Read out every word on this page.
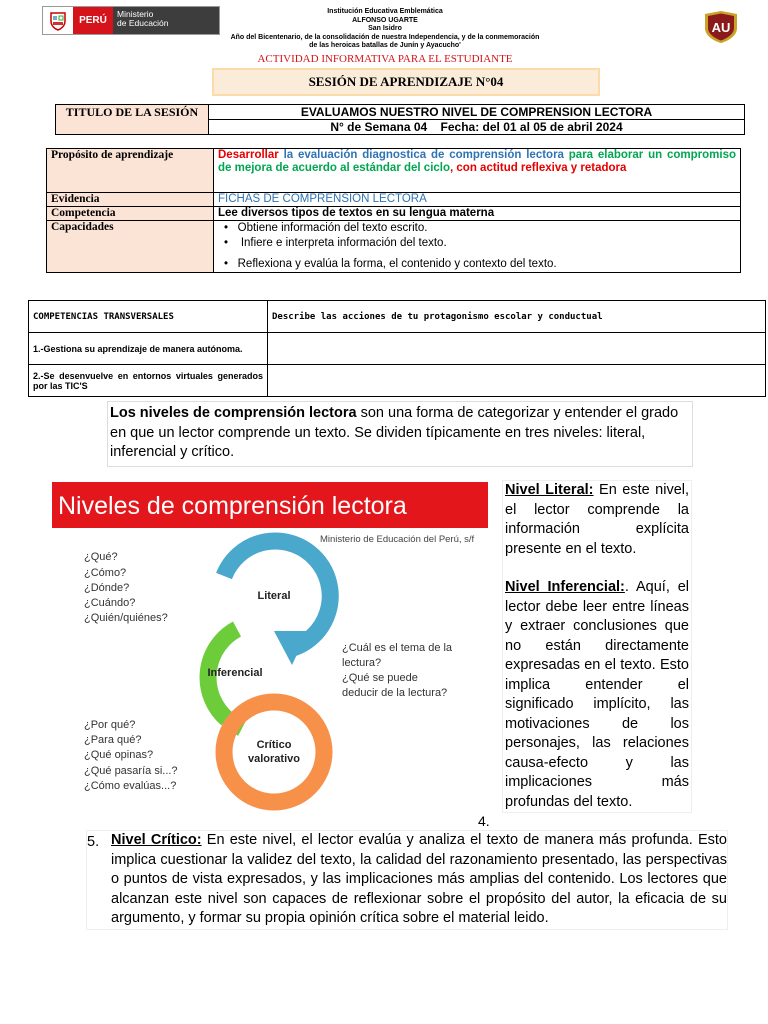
PERÚ
Ministerio
de Educación
Institución Educativa Emblemática
ALFONSO UGARTE
San Isidro
Año del Bicentenario, de la consolidación de nuestra Independencia, y de la conmemoración
de las heroicas batallas de Junín y Ayacucho'
ACTIVIDAD INFORMATIVA PARA EL ESTUDIANTE
AU
SESIÓN DE APRENDIZAJE N°04
TITULO DE LA SESIÓN	EVALUAMOS NUESTRO NIVEL DE COMPRENSION LECTORA
N° de Semana 04 Fecha: del 01 al 05 de abril 2024
Propósito de aprendizaje	Desarrollar la evaluación diagnostica de comprensión lectora para elaborar un compromiso de mejora de acuerdo al estándar del ciclo, con actitud reflexiva y retadora
Evidencia	FICHAS DE COMPRENSION LECTORA
Competencia	Lee diversos tipos de textos en su lengua materna
Capacidades	•   Obtiene información del texto escrito.
•    Infiere e interpreta información del texto.
•   Reflexiona y evalúa la forma, el contenido y contexto del texto.
COMPETENCIAS TRANSVERSALES	Describe las acciones de tu protagonismo escolar y conductual
1.-Gestiona su aprendizaje de manera autónoma.	
2.-Se desenvuelve en entornos virtuales generados por las TIC'S	
Los niveles de comprensión lectora son una forma de categorizar y entender el grado en que un lector comprende un texto. Se dividen típicamente en tres niveles: literal, inferencial y crítico.
Niveles de comprensión lectora
Ministerio de Educación del Perú, s/f
Literal
Inferencial
Crítico
valorativo
¿Qué?
¿Cómo?
¿Dónde?
¿Cuándo?
¿Quién/quiénes?
¿Cuál es el tema de la
lectura?
¿Qué se puede
deducir de la lectura?
¿Por qué?
¿Para qué?
¿Qué opinas?
¿Qué pasaría si...?
¿Cómo evalúas...?
Nivel Literal: En este nivel, el lector comprende la información explícita presente en el texto.
Nivel Inferencial:. Aquí, el lector debe leer entre líneas y extraer conclusiones que no están directamente expresadas en el texto. Esto implica entender el significado implícito, las motivaciones de los personajes, las relaciones causa-efecto y las implicaciones más profundas del texto.
4.
5. Nivel Crítico: En este nivel, el lector evalúa y analiza el texto de manera más profunda. Esto implica cuestionar la validez del texto, la calidad del razonamiento presentado, las perspectivas o puntos de vista expresados, y las implicaciones más amplias del contenido. Los lectores que alcanzan este nivel son capaces de reflexionar sobre el propósito del autor, la eficacia de su argumento, y formar su propia opinión crítica sobre el material leido.
